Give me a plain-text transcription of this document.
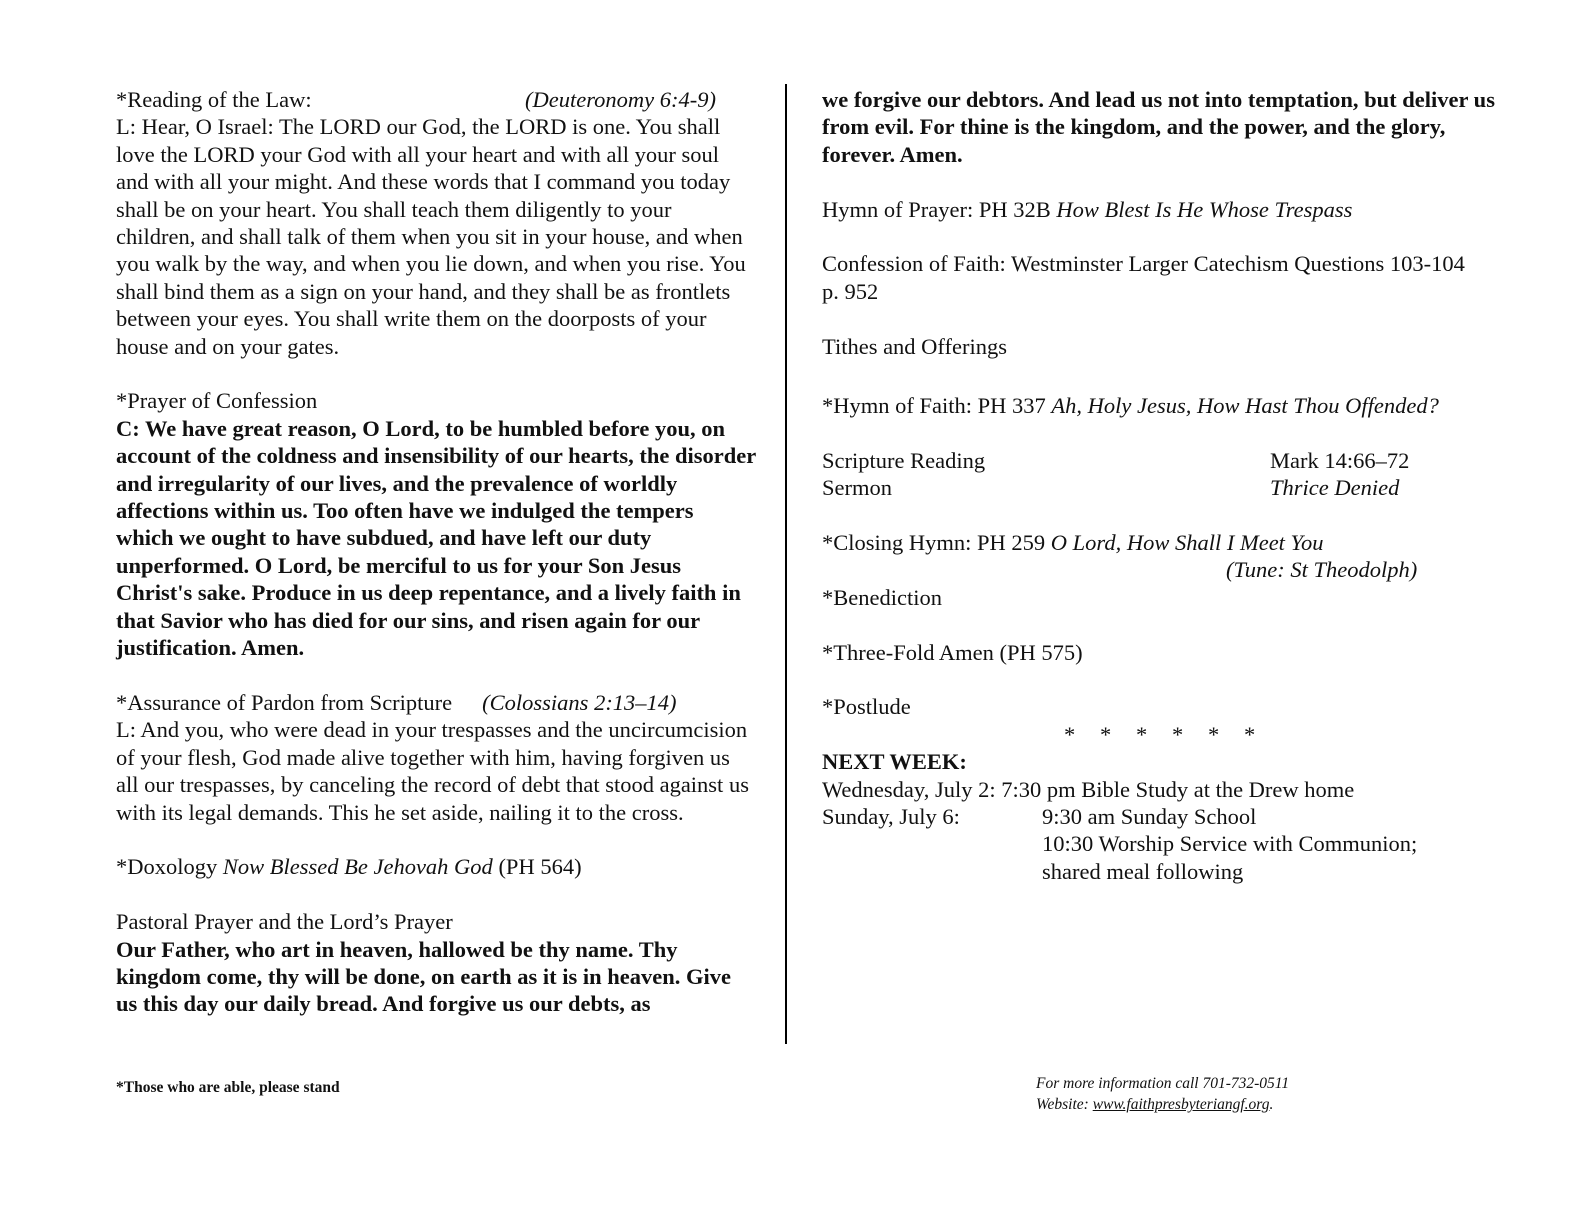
*Reading of the Law:	(Deuteronomy 6:4-9)

L: Hear, O Israel: The LORD our God, the LORD is one. You shall love the LORD your God with all your heart and with all your soul and with all your might. And these words that I command you today shall be on your heart. You shall teach them diligently to your children, and shall talk of them when you sit in your house, and when you walk by the way, and when you lie down, and when you rise. You shall bind them as a sign on your hand, and they shall be as frontlets between your eyes. You shall write them on the doorposts of your house and on your gates.

*Prayer of Confession

C: We have great reason, O Lord, to be humbled before you, on account of the coldness and insensibility of our hearts, the disorder and irregularity of our lives, and the prevalence of worldly affections within us. Too often have we indulged the tempers which we ought to have subdued, and have left our duty unperformed. O Lord, be merciful to us for your Son Jesus Christ's sake. Produce in us deep repentance, and a lively faith in that Savior who has died for our sins, and risen again for our justification. Amen.

*Assurance of Pardon from Scripture (Colossians 2:13–14)

L: And you, who were dead in your trespasses and the uncircumcision of your flesh, God made alive together with him, having forgiven us all our trespasses, by canceling the record of debt that stood against us with its legal demands. This he set aside, nailing it to the cross.

*Doxology Now Blessed Be Jehovah God (PH 564)

Pastoral Prayer and the Lord’s Prayer

Our Father, who art in heaven, hallowed be thy name. Thy kingdom come, thy will be done, on earth as it is in heaven. Give us this day our daily bread. And forgive us our debts, as

we forgive our debtors. And lead us not into temptation, but deliver us from evil. For thine is the kingdom, and the power, and the glory, forever. Amen.

Hymn of Prayer: PH 32B How Blest Is He Whose Trespass

Confession of Faith: Westminster Larger Catechism Questions 103-104 p. 952

Tithes and Offerings

*Hymn of Faith: PH 337 Ah, Holy Jesus, How Hast Thou Offended?

Scripture Reading	Mark 14:66–72
Sermon	Thrice Denied

*Closing Hymn: PH 259 O Lord, How Shall I Meet You

(Tune: St Theodolph)

*Benediction

*Three-Fold Amen (PH 575)

*Postlude

* * * * * *

NEXT WEEK:

Wednesday, July 2: 7:30 pm Bible Study at the Drew home

Sunday, July 6:	9:30 am Sunday School

10:30 Worship Service with Communion;

shared meal following

*Those who are able, please stand	For more information call 701-732-0511
Website: www.faithpresbyteriangf.org.
